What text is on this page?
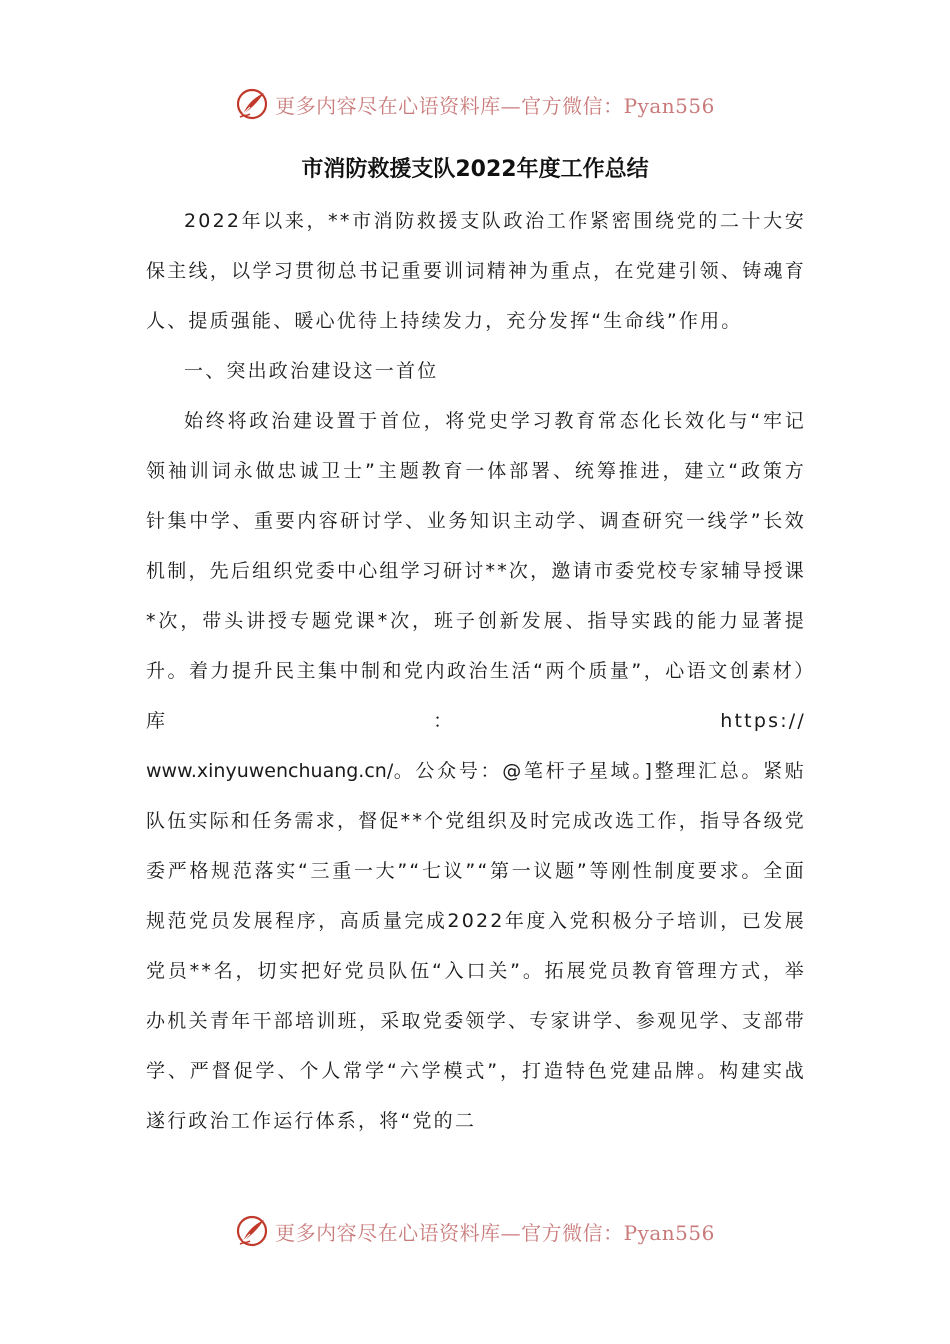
更多内容尽在心语资料库—官方微信：Pyan556
市消防救援支队2022年度工作总结

2022年以来，**市消防救援支队政治工作紧密围绕党的二十大安保主线，以学习贯彻总书记重要训词精神为重点，在党建引领、铸魂育人、提质强能、暖心优待上持续发力，充分发挥“生命线”作用。

一、突出政治建设这一首位

始终将政治建设置于首位，将党史学习教育常态化长效化与“牢记领袖训词永做忠诚卫士”主题教育一体部署、统筹推进，建立“政策方针集中学、重要内容研讨学、业务知识主动学、调查研究一线学”长效机制，先后组织党委中心组学习研讨**次，邀请市委党校专家辅导授课*次，带头讲授专题党课*次，班子创新发展、指导实践的能力显著提升。着力提升民主集中制和党内政治生活“两个质量”，心语文创素材）库：https://

www.xinyuwenchuang.cn/。公众号：@笔杆子星域。]整理汇总。紧贴队伍实际和任务需求，督促**个党组织及时完成改选工作，指导各级党委严格规范落实“三重一大”“七议”“第一议题”等刚性制度要求。全面规范党员发展程序，高质量完成2022年度入党积极分子培训，已发展党员**名，切实把好党员队伍“入口关”。拓展党员教育管理方式，举办机关青年干部培训班，采取党委领学、专家讲学、参观见学、支部带学、严督促学、个人常学“六学模式”，打造特色党建品牌。构建实战遂行政治工作运行体系，将“党的二

更多内容尽在心语资料库—官方微信：Pyan556
